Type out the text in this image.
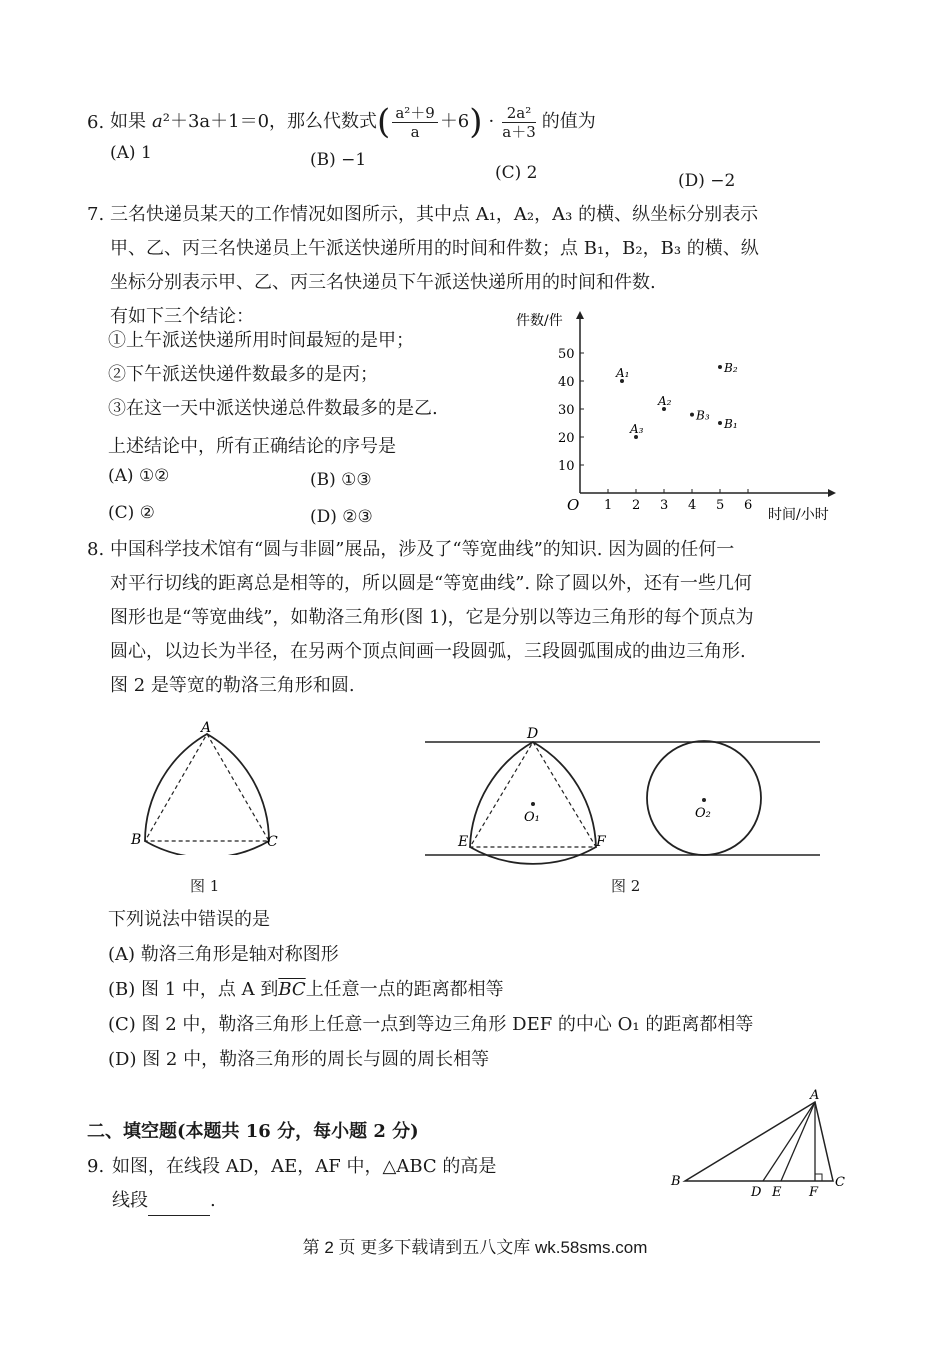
6. 如果 a²＋3a＋1＝0，那么代数式 ( $\frac{\text{a²＋9}}{a} +6$ ) · $\frac{\text{2a²}}{a+3}$ 的值为
(A) 1	(B) −1
(C) 2	(D) −2
7. 三名快递员某天的工作情况如图所示，其中点 A₁，A₂，A₃ 的横、纵坐标分别表示
甲、乙、丙三名快递员上午派送快递所用的时间和件数；点 B₁，B₂，B₃ 的横、纵
坐标分别表示甲、乙、丙三名快递员下午派送快递所用的时间和件数.
有如下三个结论：
①上午派送快递所用时间最短的是甲；
②下午派送快递件数最多的是丙；
③在这一天中派送快递总件数最多的是乙.
上述结论中，所有正确结论的序号是
(A) ①②	(B) ①③
(C) ②	(D) ②③
件数/件
时间/小时
O 1 2 3 4 5 6
10
20
30
40
50
A₁
A₂
A₃	B₁
B₂
B₃
8. 中国科学技术馆有“圆与非圆”展品，涉及了“等宽曲线”的知识. 因为圆的任何一
对平行切线的距离总是相等的，所以圆是“等宽曲线”. 除了圆以外，还有一些几何
图形也是“等宽曲线”，如勒洛三角形(图 1)，它是分别以等边三角形的每个顶点为
圆心，以边长为半径，在另两个顶点间画一段圆弧，三段圆弧围成的曲边三角形.
图 2 是等宽的勒洛三角形和圆.
A
B	C
图 1
D
E	F
O₁	O₂
图 2
下列说法中错误的是
(A) 勒洛三角形是轴对称图形
(B) 图 1 中，点 A 到$\overline{BC}$上任意一点的距离都相等
(C) 图 2 中，勒洛三角形上任意一点到等边三角形 DEF 的中心 O₁ 的距离都相等
(D) 图 2 中，勒洛三角形的周长与圆的周长相等
二、填空题(本题共 16 分，每小题 2 分)
9. 如图，在线段 AD，AE，AF 中，△ABC 的高是
线段	.
A
B	C
D E F
第 2 页 更多下载请到五八文库 wk.58sms.com
